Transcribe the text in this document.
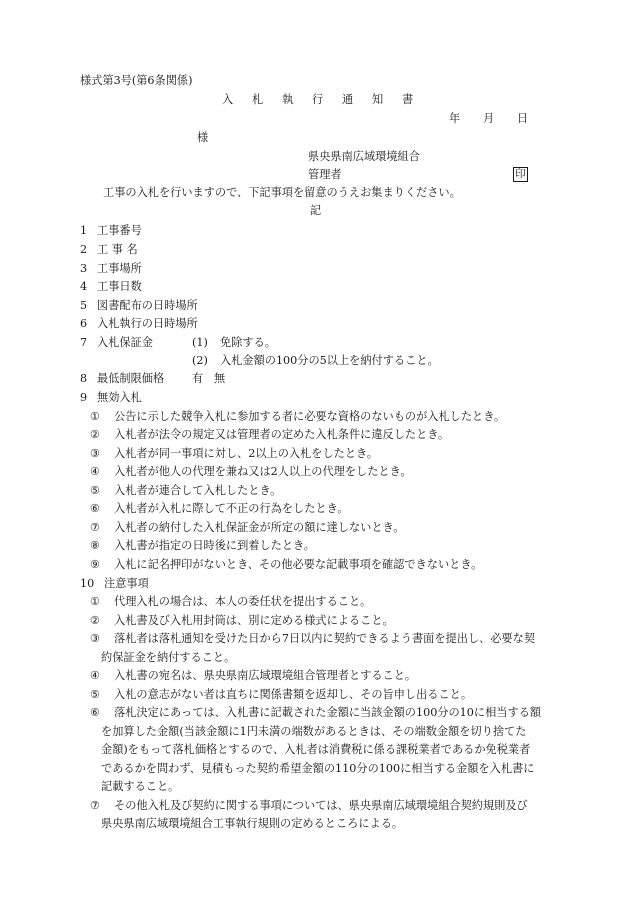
様式第3号(第6条関係)
入 札 執 行 通 知 書
年 月 日
様
県央県南広域環境組合
管理者	印
工事の入札を行いますので、下記事項を留意のうえお集まりください。
記
1 工事番号
2 工 事 名
3 工事場所
4 工事日数
5 図書配布の日時場所
6 入札執行の日時場所
7 入札保証金	(1) 免除する。
(2) 入札金額の100分の5以上を納付すること。
8 最低制限価格 有 無
9 無効入札
① 公告に示した競争入札に参加する者に必要な資格のないものが入札したとき。
② 入札者が法令の規定又は管理者の定めた入札条件に違反したとき。
③ 入札者が同一事項に対し、2以上の入札をしたとき。
④ 入札者が他人の代理を兼ね又は2人以上の代理をしたとき。
⑤ 入札者が連合して入札したとき。
⑥ 入札者が入札に際して不正の行為をしたとき。
⑦ 入札者の納付した入札保証金が所定の額に達しないとき。
⑧ 入札書が指定の日時後に到着したとき。
⑨ 入札に記名押印がないとき、その他必要な記載事項を確認できないとき。
10 注意事項
① 代理入札の場合は、本人の委任状を提出すること。
② 入札書及び入札用封筒は、別に定める様式によること。
③ 落札者は落札通知を受けた日から7日以内に契約できるよう書面を提出し、必要な契
約保証金を納付すること。
④ 入札書の宛名は、県央県南広域環境組合管理者とすること。
⑤ 入札の意志がない者は直ちに関係書類を返却し、その旨申し出ること。
⑥ 落札決定にあっては、入札書に記載された金額に当該金額の100分の10に相当する額
を加算した金額(当該金額に1円未満の端数があるときは、その端数金額を切り捨てた
金額)をもって落札価格とするので、入札者は消費税に係る課税業者であるか免税業者
であるかを問わず、見積もった契約希望金額の110分の100に相当する金額を入札書に
記載すること。
⑦ その他入札及び契約に関する事項については、県央県南広域環境組合契約規則及び
県央県南広域環境組合工事執行規則の定めるところによる。
